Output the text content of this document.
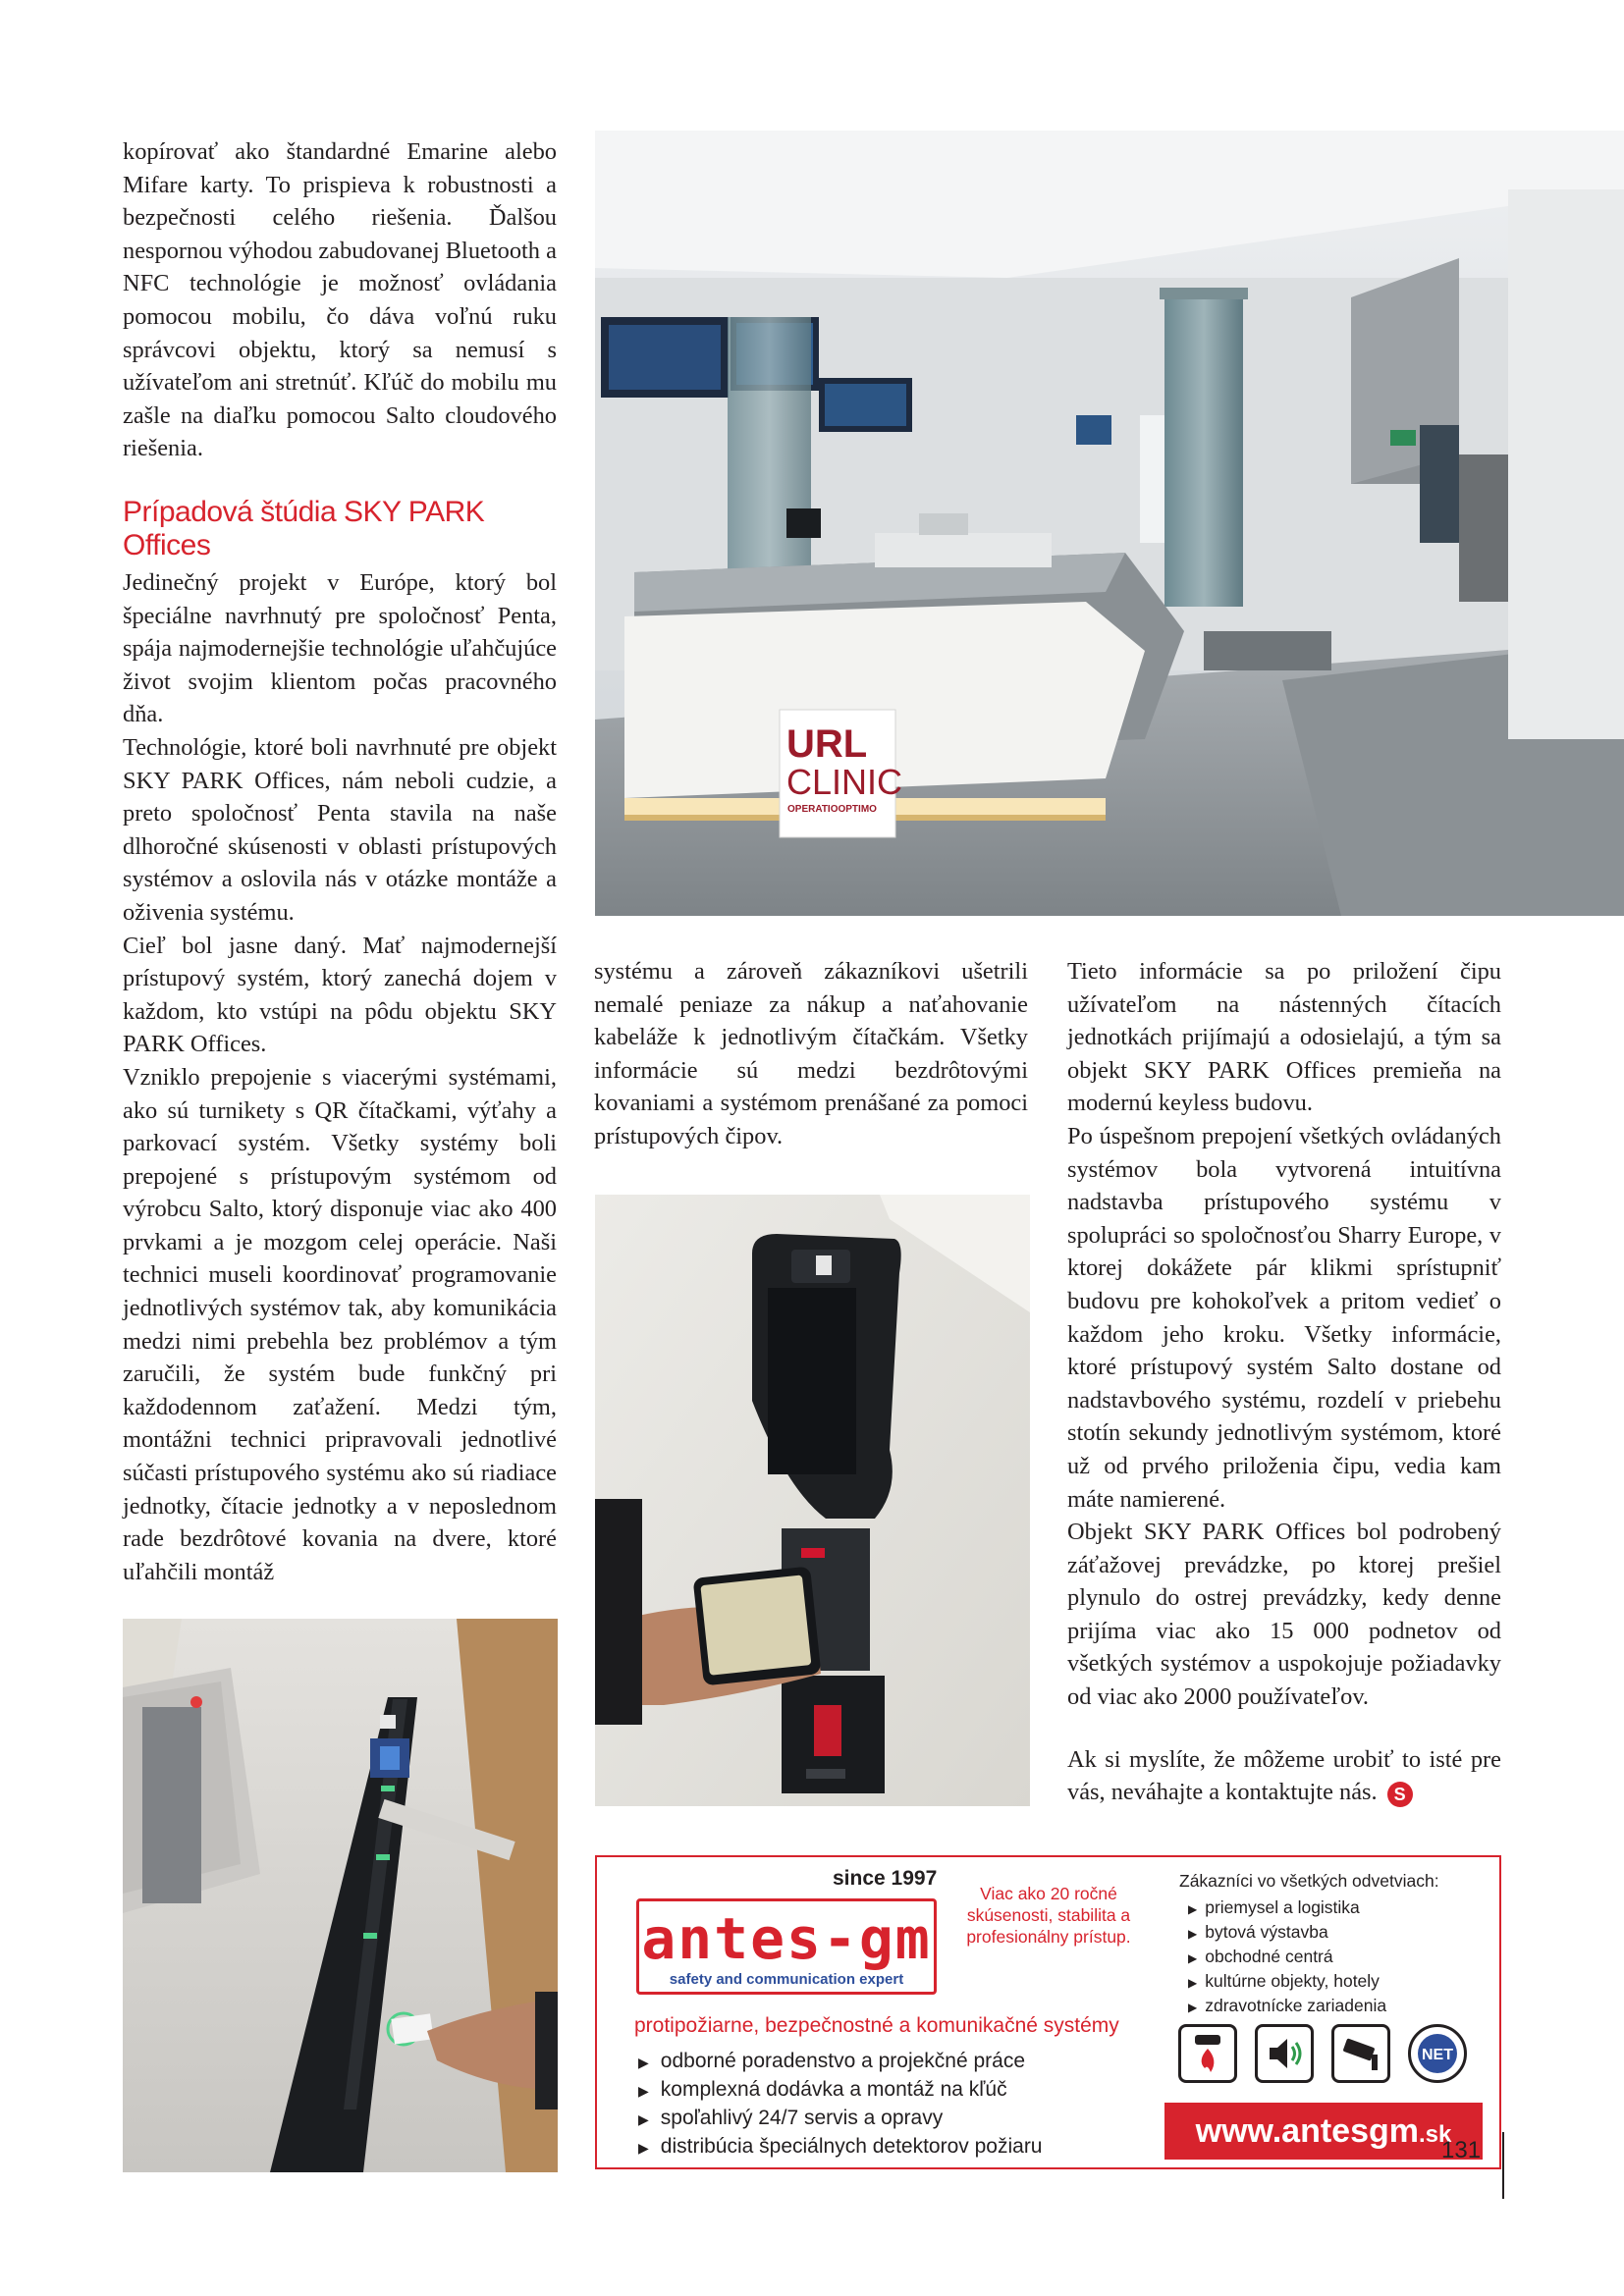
kopírovať ako štandardné Emarine alebo Mifare karty. To prispieva k robustnosti a bezpečnosti celého riešenia. Ďalšou nespornou výhodou zabudovanej Bluetooth a NFC technológie je možnosť ovládania pomocou mobilu, čo dáva voľnú ruku správcovi objektu, ktorý sa nemusí s užívateľom ani stretnúť. Kľúč do mobilu mu zašle na diaľku pomocou Salto cloudového riešenia.

Prípadová štúdia SKY PARK Offices

Jedinečný projekt v Európe, ktorý bol špeciálne navrhnutý pre spoločnosť Penta, spája najmodernejšie technológie uľahčujúce život svojim klientom počas pracovného dňa.

Technológie, ktoré boli navrhnuté pre objekt SKY PARK Offices, nám neboli cudzie, a preto spoločnosť Penta stavila na naše dlhoročné skúsenosti v oblasti prístupových systémov a oslovila nás v otázke montáže a oživenia systému.

Cieľ bol jasne daný. Mať najmodernejší prístupový systém, ktorý zanechá dojem v každom, kto vstúpi na pôdu objektu SKY PARK Offices.

Vzniklo prepojenie s viacerými systémami, ako sú turnikety s QR čítačkami, výťahy a parkovací systém. Všetky systémy boli prepojené s prístupovým systémom od výrobcu Salto, ktorý disponuje viac ako 400 prvkami a je mozgom celej operácie. Naši technici museli koordinovať programovanie jednotlivých systémov tak, aby komunikácia medzi nimi prebehla bez problémov a tým zaručili, že systém bude funkčný pri každodennom zaťažení. Medzi tým, montážni technici pripravovali jednotlivé súčasti prístupového systému ako sú riadiace jednotky, čítacie jednotky a v neposlednom rade bezdrôtové kovania na dvere, ktoré uľahčili montáž

systému a zároveň zákazníkovi ušetrili nemalé peniaze za nákup a naťahovanie kabeláže k jednotlivým čítačkám. Všetky informácie sú medzi bezdrôtovými kovaniami a systémom prenášané za pomoci prístupových čipov.

Tieto informácie sa po priložení čipu užívateľom na nástenných čítacích jednotkách prijímajú a odosielajú, a tým sa objekt SKY PARK Offices premieňa na modernú keyless budovu.

Po úspešnom prepojení všetkých ovládaných systémov bola vytvorená intuitívna nadstavba prístupového systému v spolupráci so spoločnosťou Sharry Europe, v ktorej dokážete pár klikmi sprístupniť budovu pre kohokoľvek a pritom vedieť o každom jeho kroku. Všetky informácie, ktoré prístupový systém Salto dostane od nadstavbového systému, rozdelí v priebehu stotín sekundy jednotlivým systémom, ktoré už od prvého priloženia čipu, vedia kam máte namierené.

Objekt SKY PARK Offices bol podrobený záťažovej prevádzke, po ktorej prešiel plynulo do ostrej prevádzky, kedy denne prijíma viac ako 15 000 podnetov od všetkých systémov a uspokojuje požiadavky od viac ako 2000 používateľov.

Ak si myslíte, že môžeme urobiť to isté pre vás, neváhajte a kontaktujte nás. S

URL
CLINIC
OPERATIOOPTIMO
since 1997
antes-gm
safety and communication expert
Viac ako 20 ročné skúsenosti, stabilita a profesionálny prístup.
Zákazníci vo všetkých odvetviach:
▶ priemysel a logistika
▶ bytová výstavba
▶ obchodné centrá
▶ kultúrne objekty, hotely
▶ zdravotnícke zariadenia
protipožiarne, bezpečnostné a komunikačné systémy
▶ odborné poradenstvo a projekčné práce
▶ komplexná dodávka a montáž na kľúč
▶ spoľahlivý 24/7 servis a opravy
▶ distribúcia špeciálnych detektorov požiaru
NET
www.antesgm.sk
131
